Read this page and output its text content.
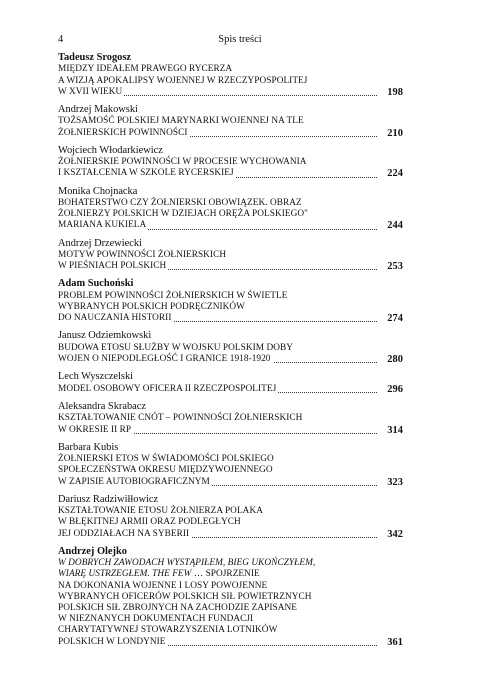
4	Spis treści
Tadeusz Srogosz
MIĘDZY IDEAŁEM PRAWEGO RYCERZA
A WIZJĄ APOKALIPSY WOJENNEJ W RZECZYPOSPOLITEJ
W XVII WIEKU	198
Andrzej Makowski
TOŻSAMOŚĆ POLSKIEJ MARYNARKI WOJENNEJ NA TLE
ŻOŁNIERSKICH POWINNOŚCI	210
Wojciech Włodarkiewicz
ŻOŁNIERSKIE POWINNOŚCI W PROCESIE WYCHOWANIA
I KSZTAŁCENIA W SZKOLE RYCERSKIEJ	224
Monika Chojnacka
BOHATERSTWO CZY ŻOŁNIERSKI OBOWIĄZEK. OBRAZ
ŻOŁNIERZY POLSKICH W DZIEJACH ORĘŻA POLSKIEGO"
MARIANA KUKIELA	244
Andrzej Drzewiecki
MOTYW POWINNOŚCI ŻOŁNIERSKICH
W PIEŚNIACH POLSKICH	253
Adam Suchoński
PROBLEM POWINNOŚCI ŻOŁNIERSKICH W ŚWIETLE
WYBRANYCH POLSKICH PODRĘCZNIKÓW
DO NAUCZANIA HISTORII	274
Janusz Odziemkowski
BUDOWA ETOSU SŁUŻBY W WOJSKU POLSKIM DOBY
WOJEN O NIEPODLEGŁOŚĆ I GRANICE 1918-1920	280
Lech Wyszczelski
MODEL OSOBOWY OFICERA II RZECZPOSPOLITEJ	296
Aleksandra Skrabacz
KSZTAŁTOWANIE CNÓT – POWINNOŚCI ŻOŁNIERSKICH
W OKRESIE II RP	314
Barbara Kubis
ŻOŁNIERSKI ETOS W ŚWIADOMOŚCI POLSKIEGO
SPOŁECZEŃSTWA OKRESU MIĘDZYWOJENNEGO
W ZAPISIE AUTOBIOGRAFICZNYM	323
Dariusz Radziwiłłowicz
KSZTAŁTOWANIE ETOSU ŻOŁNIERZA POLAKA
W BŁĘKITNEJ ARMII ORAZ PODLEGŁYCH
JEJ ODDZIAŁACH NA SYBERII	342
Andrzej Olejko
W DOBRYCH ZAWODACH WYSTĄPIŁEM, BIEG UKOŃCZYŁEM,
WIARĘ USTRZEGŁEM. THE FEW … SPOJRZENIE
NA DOKONANIA WOJENNE I LOSY POWOJENNE
WYBRANYCH OFICERÓW POLSKICH SIŁ POWIETRZNYCH
POLSKICH SIŁ ZBROJNYCH NA ZACHODZIE ZAPISANE
W NIEZNANYCH DOKUMENTACH FUNDACJI
CHARYTATYWNEJ STOWARZYSZENIA LOTNIKÓW
POLSKICH W LONDYNIE	361
